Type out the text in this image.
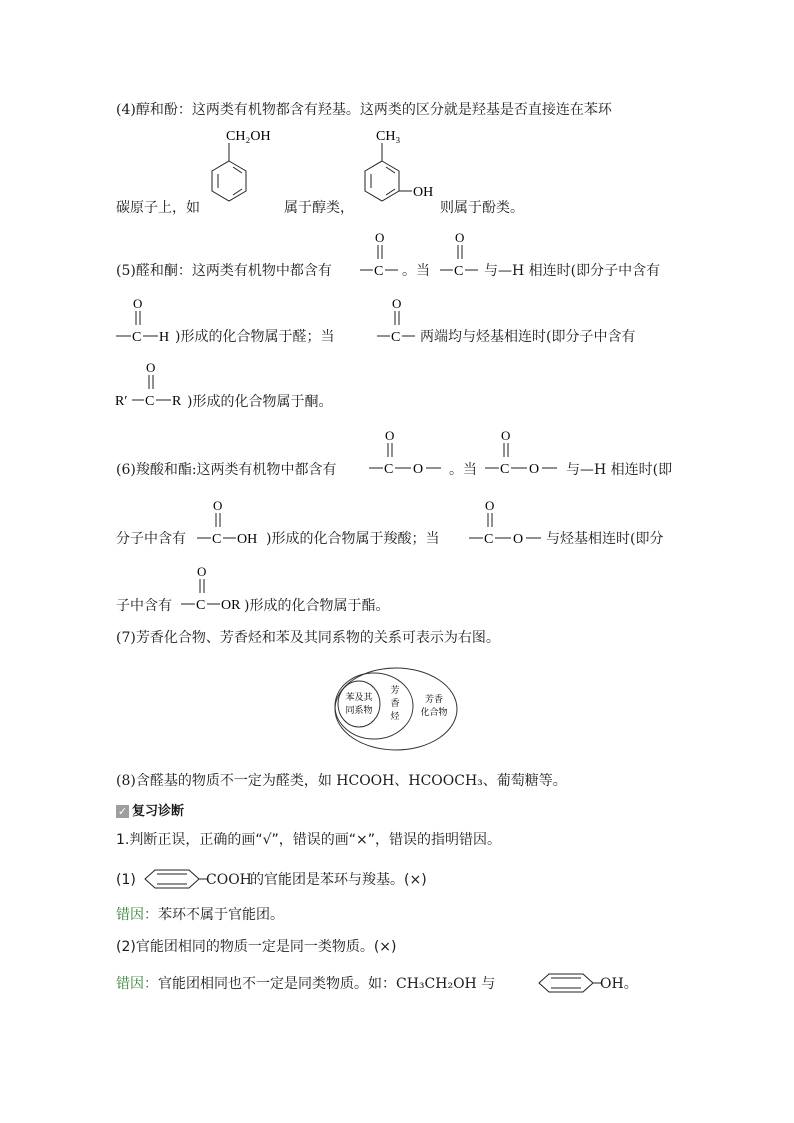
(4)醇和酚：这两类有机物都含有羟基。这两类的区分就是羟基是否直接连在苯环
CH₂OH	CH₃
OH
碳原子上，如	属于醇类，	则属于酚类。
(5)醛和酮：这两类有机物中都含有
O
C 。当
O
C 与—H 相连时(即分子中含有
O
C H )形成的化合物属于醛；当
O
C 两端均与烃基相连时(即分子中含有
O
R′ C R )形成的化合物属于酮。
(6)羧酸和酯:这两类有机物中都含有
O
C O 。当
O
C O 与—H 相连时(即
分子中含有
O
C OH )形成的化合物属于羧酸；当
O
C O 与烃基相连时(即分
子中含有
O
C OR )形成的化合物属于酯。
(7)芳香化合物、芳香烃和苯及其同系物的关系可表示为右图。
苯及其
同系物
芳
香
烃
芳香
化合物
(8)含醛基的物质不一定为醛类，如 HCOOH、HCOOCH₃、葡萄糖等。
✓ 复习诊断
1.判断正误，正确的画“√”，错误的画“×”，错误的指明错因。
(1)	COOH
的官能团是苯环与羧基。(×)
错因：苯环不属于官能团。
(2)官能团相同的物质一定是同一类物质。(×)
错因：官能团相同也不一定是同类物质。如：CH₃CH₂OH 与	OH。
